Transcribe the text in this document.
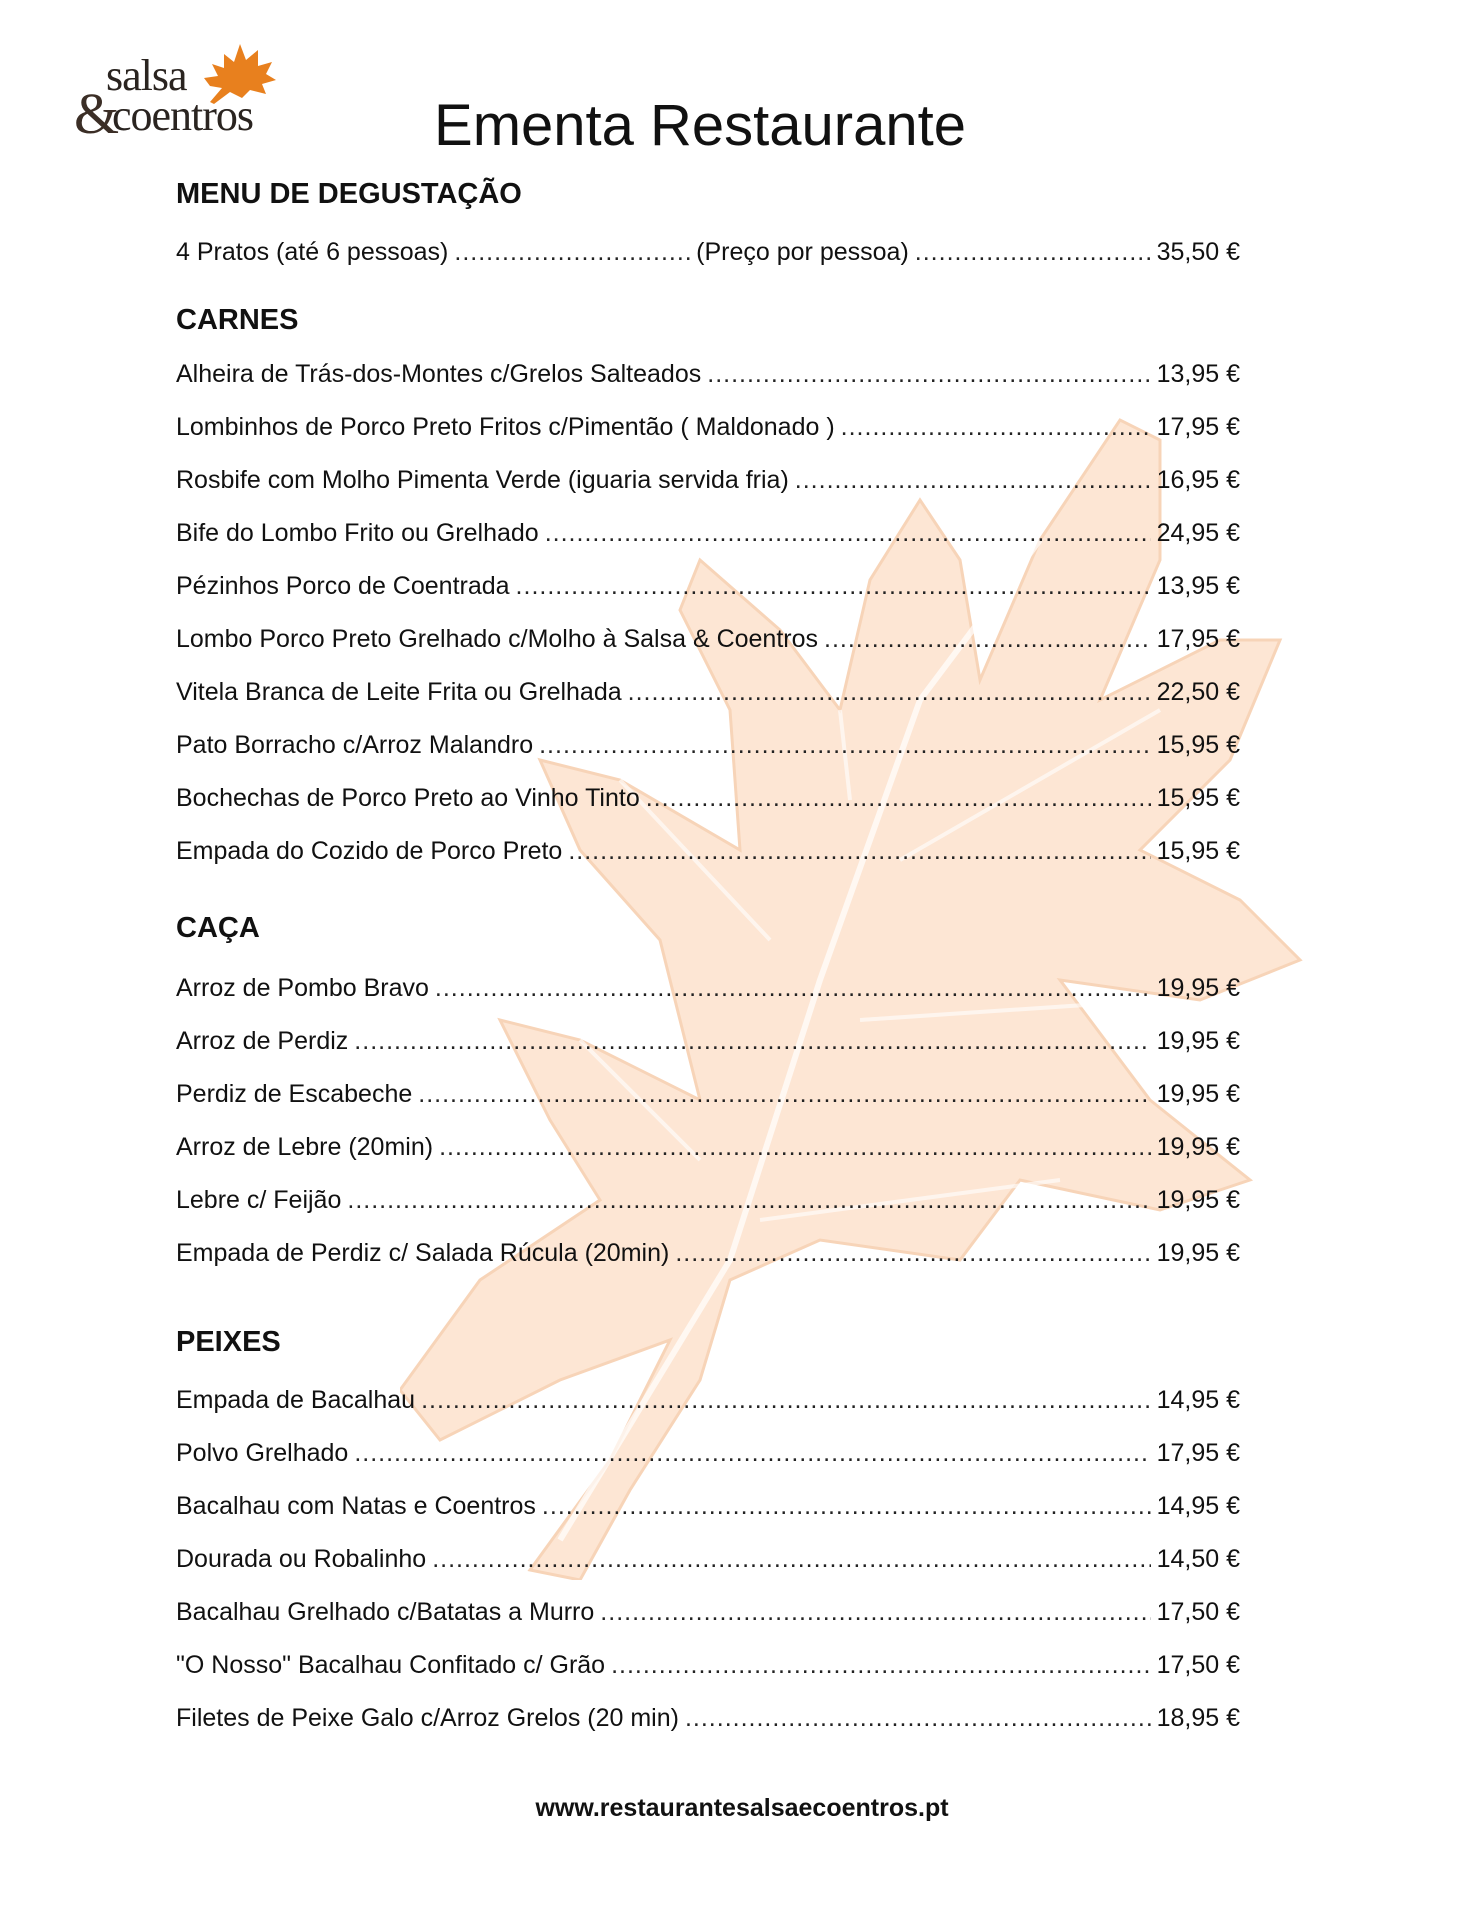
salsa
&
coentros	Ementa Restaurante
MENU DE DEGUSTAÇÃO
4 Pratos (até 6 pessoas) .....	(Preço por pessoa) .....	35,50 €
CARNES
Alheira de Trás-dos-Montes c/Grelos Salteados .....	13,95 €
Lombinhos de Porco Preto Fritos c/Pimentão ( Maldonado ) .....	17,95 €
Rosbife com Molho Pimenta Verde (iguaria servida fria) .....	16,95 €
Bife do Lombo Frito ou Grelhado .....	24,95 €
Pézinhos Porco de Coentrada .....	13,95 €
Lombo Porco Preto Grelhado c/Molho à Salsa & Coentros .....	17,95 €
Vitela Branca de Leite Frita ou Grelhada .....	22,50 €
Pato Borracho c/Arroz Malandro .....	15,95 €
Bochechas de Porco Preto ao Vinho Tinto .....	15,95 €
Empada do Cozido de Porco Preto .....	15,95 €
CAÇA
Arroz de Pombo Bravo .....	19,95 €
Arroz de Perdiz .....	19,95 €
Perdiz de Escabeche .....	19,95 €
Arroz de Lebre (20min) .....	19,95 €
Lebre c/ Feijão .....	19,95 €
Empada de Perdiz c/ Salada Rúcula (20min) .....	19,95 €
PEIXES
Empada de Bacalhau .....	14,95 €
Polvo Grelhado .....	17,95 €
Bacalhau com Natas e Coentros .....	14,95 €
Dourada ou Robalinho .....	14,50 €
Bacalhau Grelhado c/Batatas a Murro .....	17,50 €
"O Nosso" Bacalhau Confitado c/ Grão .....	17,50 €
Filetes de Peixe Galo c/Arroz Grelos (20 min) .....	18,95 €
www.restaurantesalsaecoentros.pt
